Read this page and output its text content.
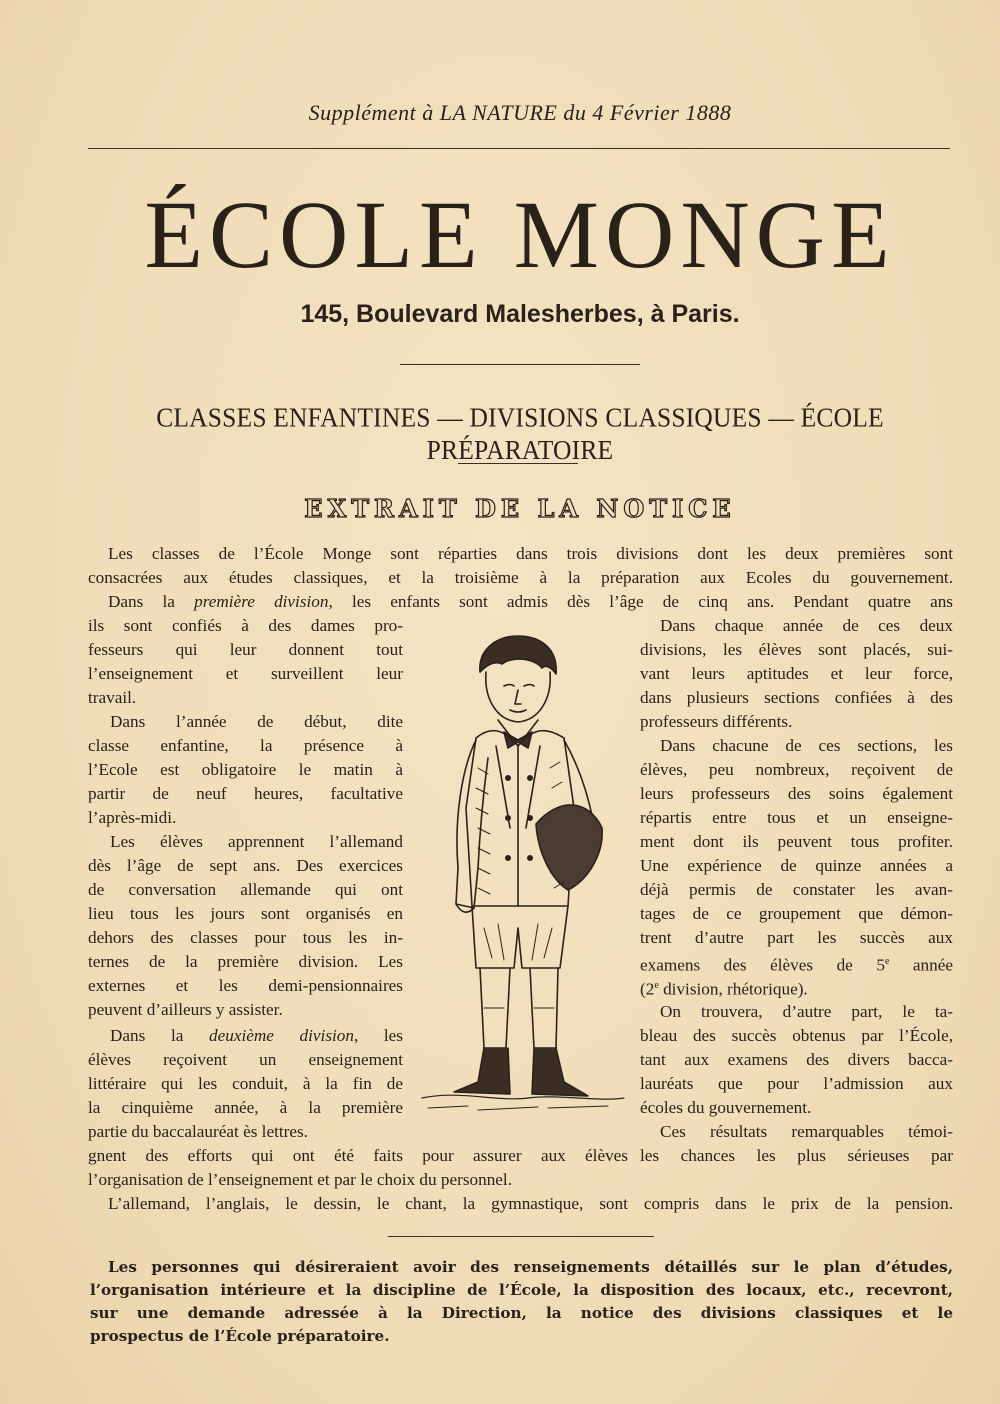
Supplément à LA NATURE du 4 Février 1888
ÉCOLE MONGE
145, Boulevard Malesherbes, à Paris.
CLASSES ENFANTINES — DIVISIONS CLASSIQUES — ÉCOLE PRÉPARATOIRE
EXTRAIT DE LA NOTICE
Les classes de l’École Monge sont réparties dans trois divisions dont les deux premières sont
consacrées aux études classiques, et la troisième à la préparation aux Ecoles du gouvernement.
Dans la première division, les enfants sont admis dès l’âge de cinq ans. Pendant quatre ans
ils sont confiés à des dames pro-
fesseurs qui leur donnent tout
l’enseignement et surveillent leur
travail.
Dans l’année de début, dite
classe enfantine, la présence à
l’Ecole est obligatoire le matin à
partir de neuf heures, facultative
l’après-midi.
Les élèves apprennent l’allemand
dès l’âge de sept ans. Des exercices
de conversation allemande qui ont
lieu tous les jours sont organisés en
dehors des classes pour tous les in-
ternes de la première division. Les
externes et les demi-pensionnaires
peuvent d’ailleurs y assister.
Dans la deuxième division, les
élèves reçoivent un enseignement
littéraire qui les conduit, à la fin de
la cinquième année, à la première
partie du baccalauréat ès lettres.
gnent des efforts qui ont été faits pour assurer aux élèves
l’organisation de l’enseignement et par le choix du personnel.
Dans chaque année de ces deux
divisions, les élèves sont placés, sui-
vant leurs aptitudes et leur force,
dans plusieurs sections confiées à des
professeurs différents.
Dans chacune de ces sections, les
élèves, peu nombreux, reçoivent de
leurs professeurs des soins également
répartis entre tous et un enseigne-
ment dont ils peuvent tous profiter.
Une expérience de quinze années a
déjà permis de constater les avan-
tages de ce groupement que démon-
trent d’autre part les succès aux
examens des élèves de 5e année
(2e division, rhétorique).
On trouvera, d’autre part, le ta-
bleau des succès obtenus par l’École,
tant aux examens des divers bacca-
lauréats que pour l’admission aux
écoles du gouvernement.
Ces résultats remarquables témoi-
les chances les plus sérieuses par
L’allemand, l’anglais, le dessin, le chant, la gymnastique, sont compris dans le prix de la pension.
Les personnes qui désireraient avoir des renseignements détaillés sur le plan d’études,
l’organisation intérieure et la discipline de l’École, la disposition des locaux, etc., recevront,
sur une demande adressée à la Direction, la notice des divisions classiques et le
prospectus de l’École préparatoire.
